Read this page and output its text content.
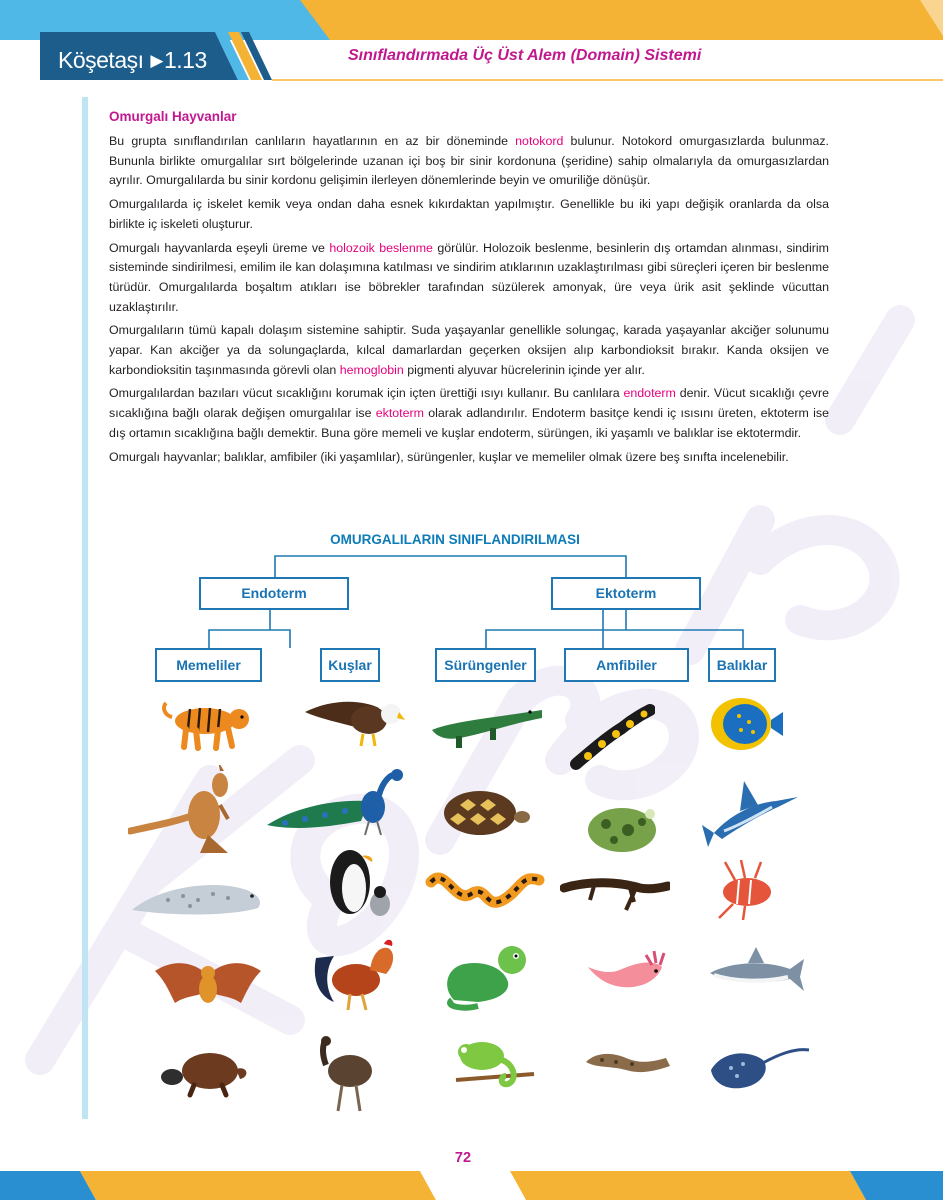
Köşetaşı ▶1.13	Sınıflandırmada Üç Üst Alem (Domain) Sistemi
Omurgalı Hayvanlar

Bu grupta sınıflandırılan canlıların hayatlarının en az bir döneminde notokord bulunur. Notokord omurgasızlarda bulunmaz. Bununla birlikte omurgalılar sırt bölgelerinde uzanan içi boş bir sinir kordonuna (şeridine) sahip olmalarıyla da omurgasızlardan ayrılır. Omurgalılarda bu sinir kordonu gelişimin ilerleyen dönemlerinde beyin ve omuriliğe dönüşür.

Omurgalılarda iç iskelet kemik veya ondan daha esnek kıkırdaktan yapılmıştır. Genellikle bu iki yapı değişik oranlarda da olsa birlikte iç iskeleti oluşturur.

Omurgalı hayvanlarda eşeyli üreme ve holozoik beslenme görülür. Holozoik beslenme, besinlerin dış ortamdan alınması, sindirim sisteminde sindirilmesi, emilim ile kan dolaşımına katılması ve sindirim atıklarının uzaklaştırılması gibi süreçleri içeren bir beslenme türüdür. Omurgalılarda boşaltım atıkları ise böbrekler tarafından süzülerek amonyak, üre veya ürik asit şeklinde vücuttan uzaklaştırılır.

Omurgalıların tümü kapalı dolaşım sistemine sahiptir. Suda yaşayanlar genellikle solungaç, karada yaşayanlar akciğer solunumu yapar. Kan akciğer ya da solungaçlarda, kılcal damarlardan geçerken oksijen alıp karbondioksit bırakır. Kanda oksijen ve karbondioksitin taşınmasında görevli olan hemoglobin pigmenti alyuvar hücrelerinin içinde yer alır.

Omurgalılardan bazıları vücut sıcaklığını korumak için içten ürettiği ısıyı kullanır. Bu canlılara endoterm denir. Vücut sıcaklığı çevre sıcaklığına bağlı olarak değişen omurgalılar ise ektoterm olarak adlandırılır. Endoterm basitçe kendi iç ısısını üreten, ektoterm ise dış ortamın sıcaklığına bağlı demektir. Buna göre memeli ve kuşlar endoterm, sürüngen, iki yaşamlı ve balıklar ise ektotermdir.

Omurgalı hayvanlar; balıklar, amfibiler (iki yaşamlılar), sürüngenler, kuşlar ve memeliler olmak üzere beş sınıfta incelenebilir.

OMURGALILARIN SINIFLANDIRILMASI
Endoterm	Ektoterm
Memeliler	Kuşlar	Sürüngenler	Amfibiler	Balıklar
72
